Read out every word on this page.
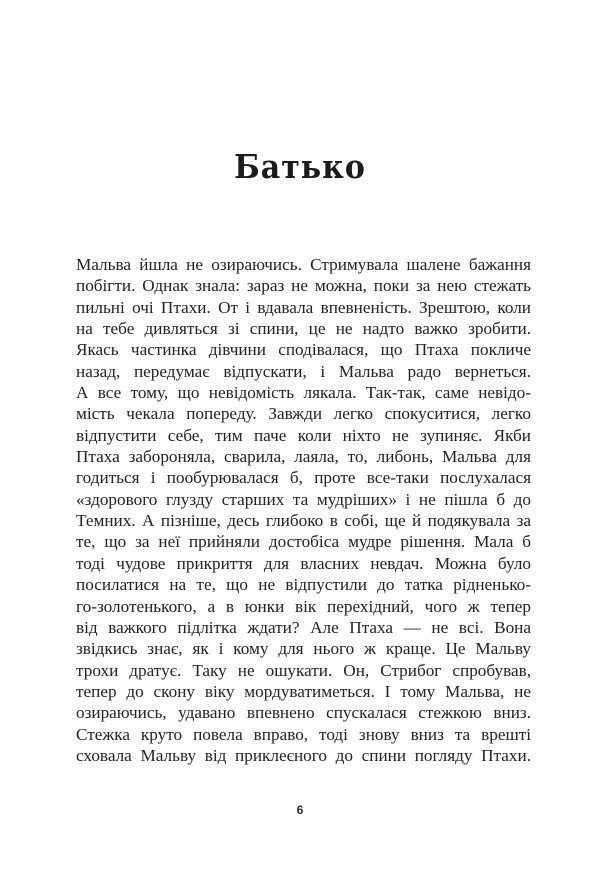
Батько
Мальва йшла не озираючись. Стримувала шалене бажання
побігти. Однак знала: зараз не можна, поки за нею стежать
пильні очі Птахи. От і вдавала впевненість. Зрештою, коли
на тебе дивляться зі спини, це не надто важко зробити.
Якась частинка дівчини сподівалася, що Птаха покличе
назад, передумає відпускати, і Мальва радо вернеться.
А все тому, що невідомість лякала. Так-так, саме невідо-
мість чекала попереду. Завжди легко спокуситися, легко
відпустити себе, тим паче коли ніхто не зупиняє. Якби
Птаха забороняла, сварила, лаяла, то, либонь, Мальва для
годиться і пообурювалася б, проте все-таки послухалася
«здорового глузду старших та мудріших» і не пішла б до
Темних. А пізніше, десь глибоко в собі, ще й подякувала за
те, що за неї прийняли достобіса мудре рішення. Мала б
тоді чудове прикриття для власних невдач. Можна було
посилатися на те, що не відпустили до татка рідненько-
го-золотенького, а в юнки вік перехідний, чого ж тепер
від важкого підлітка ждати? Але Птаха — не всі. Вона
звідкись знає, як і кому для нього ж краще. Це Мальву
трохи дратує. Таку не ошукати. Он, Стрибог спробував,
тепер до скону віку мордуватиметься. І тому Мальва, не
озираючись, удавано впевнено спускалася стежкою вниз.
Стежка круто повела вправо, тоді знову вниз та врешті
сховала Мальву від приклеєного до спини погляду Птахи.
6
